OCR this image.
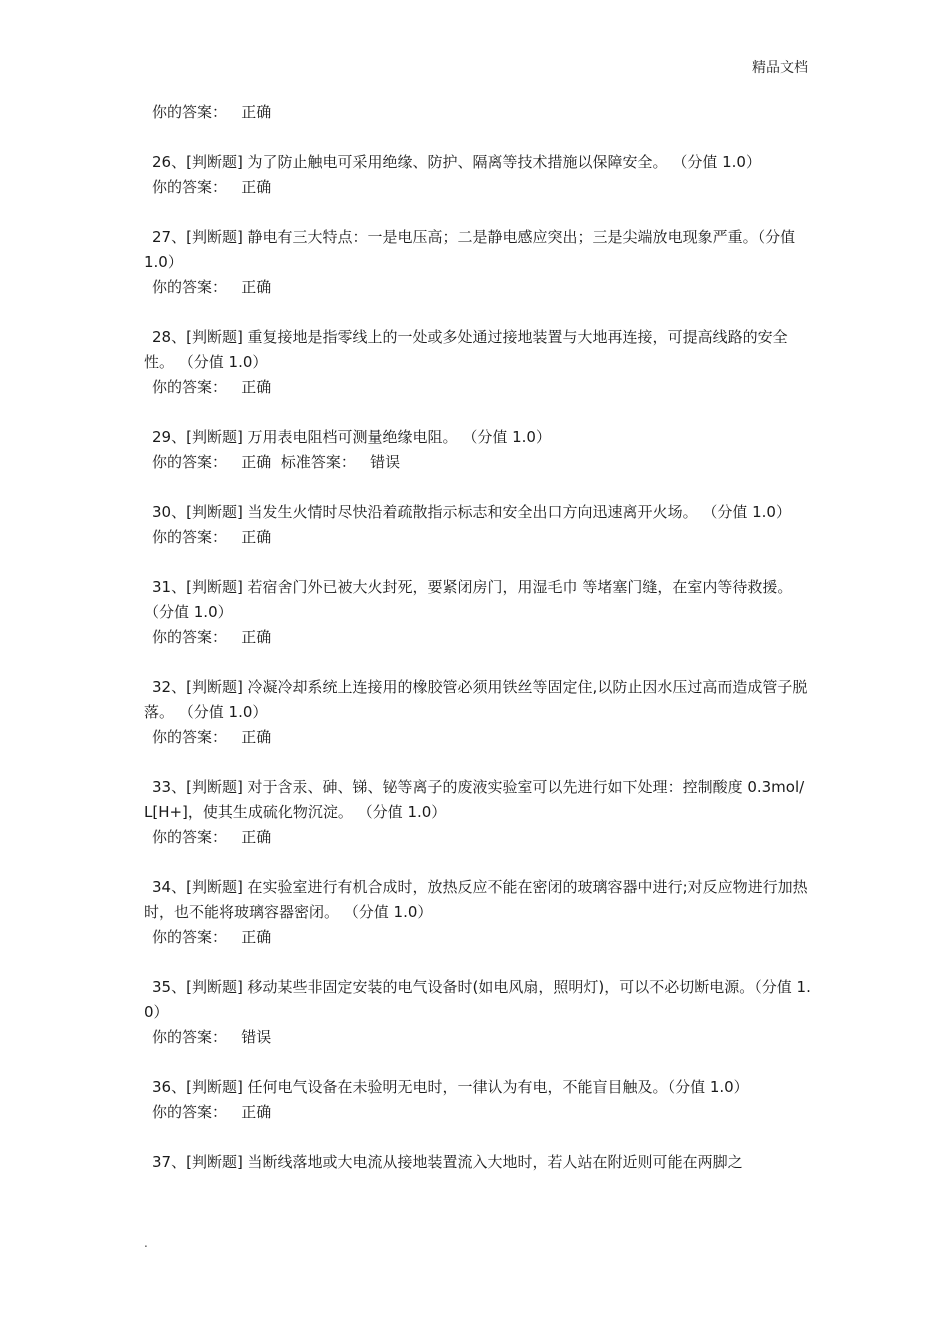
精品文档

你的答案：   正确

26、[判断题] 为了防止触电可采用绝缘、防护、隔离等技术措施以保障安全。 （分值 1.0）

你的答案：   正确

27、[判断题] 静电有三大特点：一是电压高；二是静电感应突出；三是尖端放电现象严重。（分值 1.0）

你的答案：   正确

28、[判断题] 重复接地是指零线上的一处或多处通过接地装置与大地再连接，可提高线路的安全性。 （分值 1.0）

你的答案：   正确

29、[判断题] 万用表电阻档可测量绝缘电阻。 （分值 1.0）

你的答案：   正确  标准答案：   错误

30、[判断题] 当发生火情时尽快沿着疏散指示标志和安全出口方向迅速离开火场。 （分值 1.0）

你的答案：   正确

31、[判断题] 若宿舍门外已被大火封死，要紧闭房门，用湿毛巾 等堵塞门缝，在室内等待救援。 （分值 1.0）

你的答案：   正确

32、[判断题] 冷凝冷却系统上连接用的橡胶管必须用铁丝等固定住,以防止因水压过高而造成管子脱落。 （分值 1.0）

你的答案：   正确

33、[判断题] 对于含汞、砷、锑、铋等离子的废液实验室可以先进行如下处理：控制酸度 0.3mol/L[H+]，使其生成硫化物沉淀。 （分值 1.0）

你的答案：   正确

34、[判断题] 在实验室进行有机合成时，放热反应不能在密闭的玻璃容器中进行;对反应物进行加热时，也不能将玻璃容器密闭。 （分值 1.0）

你的答案：   正确

35、[判断题] 移动某些非固定安装的电气设备时(如电风扇，照明灯)，可以不必切断电源。（分值 1.0）

你的答案：   错误

36、[判断题] 任何电气设备在未验明无电时，一律认为有电，不能盲目触及。（分值 1.0）

你的答案：   正确

37、[判断题] 当断线落地或大电流从接地装置流入大地时，若人站在附近则可能在两脚之

.
